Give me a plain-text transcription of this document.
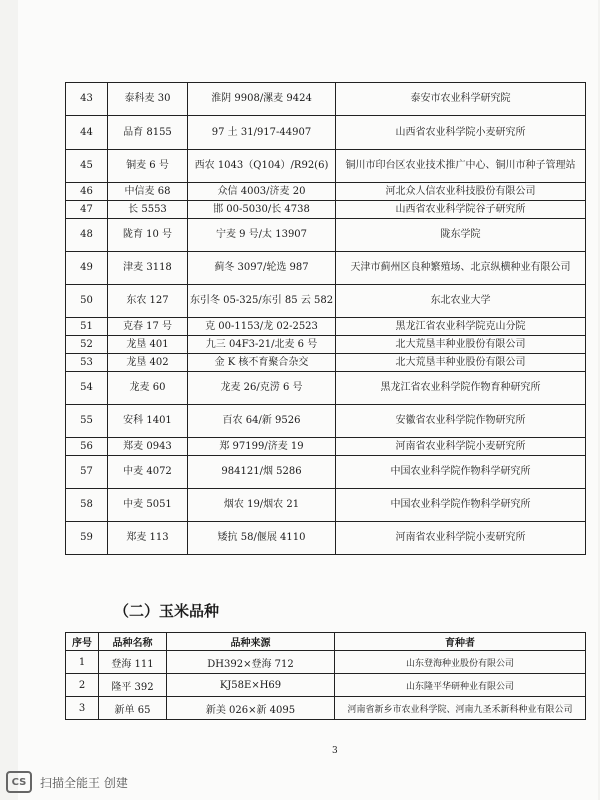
43	泰科麦 30	淮阴 9908/漯麦 9424	泰安市农业科学研究院
44	品育 8155	97 土 31/917-44907	山西省农业科学院小麦研究所
45	铜麦 6 号	西农 1043（Q104）/R92(6)	铜川市印台区农业技术推广中心、铜川市种子管理站
46	中信麦 68	众信 4003/济麦 20	河北众人信农业科技股份有限公司
47	长 5553	邯 00-5030/长 4738	山西省农业科学院谷子研究所
48	陇育 10 号	宁麦 9 号/太 13907	陇东学院
49	津麦 3118	蓟冬 3097/轮选 987	天津市蓟州区良种繁殖场、北京纵横种业有限公司
50	东农 127	东引冬 05-325/东引 85 云 582	东北农业大学
51	克春 17 号	克 00-1153/龙 02-2523	黑龙江省农业科学院克山分院
52	龙垦 401	九三 04F3-21/北麦 6 号	北大荒垦丰种业股份有限公司
53	龙垦 402	金 K 核不育聚合杂交	北大荒垦丰种业股份有限公司
54	龙麦 60	龙麦 26/克涝 6 号	黑龙江省农业科学院作物育种研究所
55	安科 1401	百农 64/新 9526	安徽省农业科学院作物研究所
56	郑麦 0943	郑 97199/济麦 19	河南省农业科学院小麦研究所
57	中麦 4072	984121/烟 5286	中国农业科学院作物科学研究所
58	中麦 5051	烟农 19/烟农 21	中国农业科学院作物科学研究所
59	郑麦 113	矮抗 58/偃展 4110	河南省农业科学院小麦研究所
（二）玉米品种
序号	品种名称	品种来源	育种者
1	登海 111	DH392×登海 712	山东登海种业股份有限公司
2	隆平 392	KJ58E×H69	山东隆平华研种业有限公司
3	新单 65	新美 026×新 4095	河南省新乡市农业科学院、河南九圣禾新科种业有限公司
3
CS	扫描全能王 创建
